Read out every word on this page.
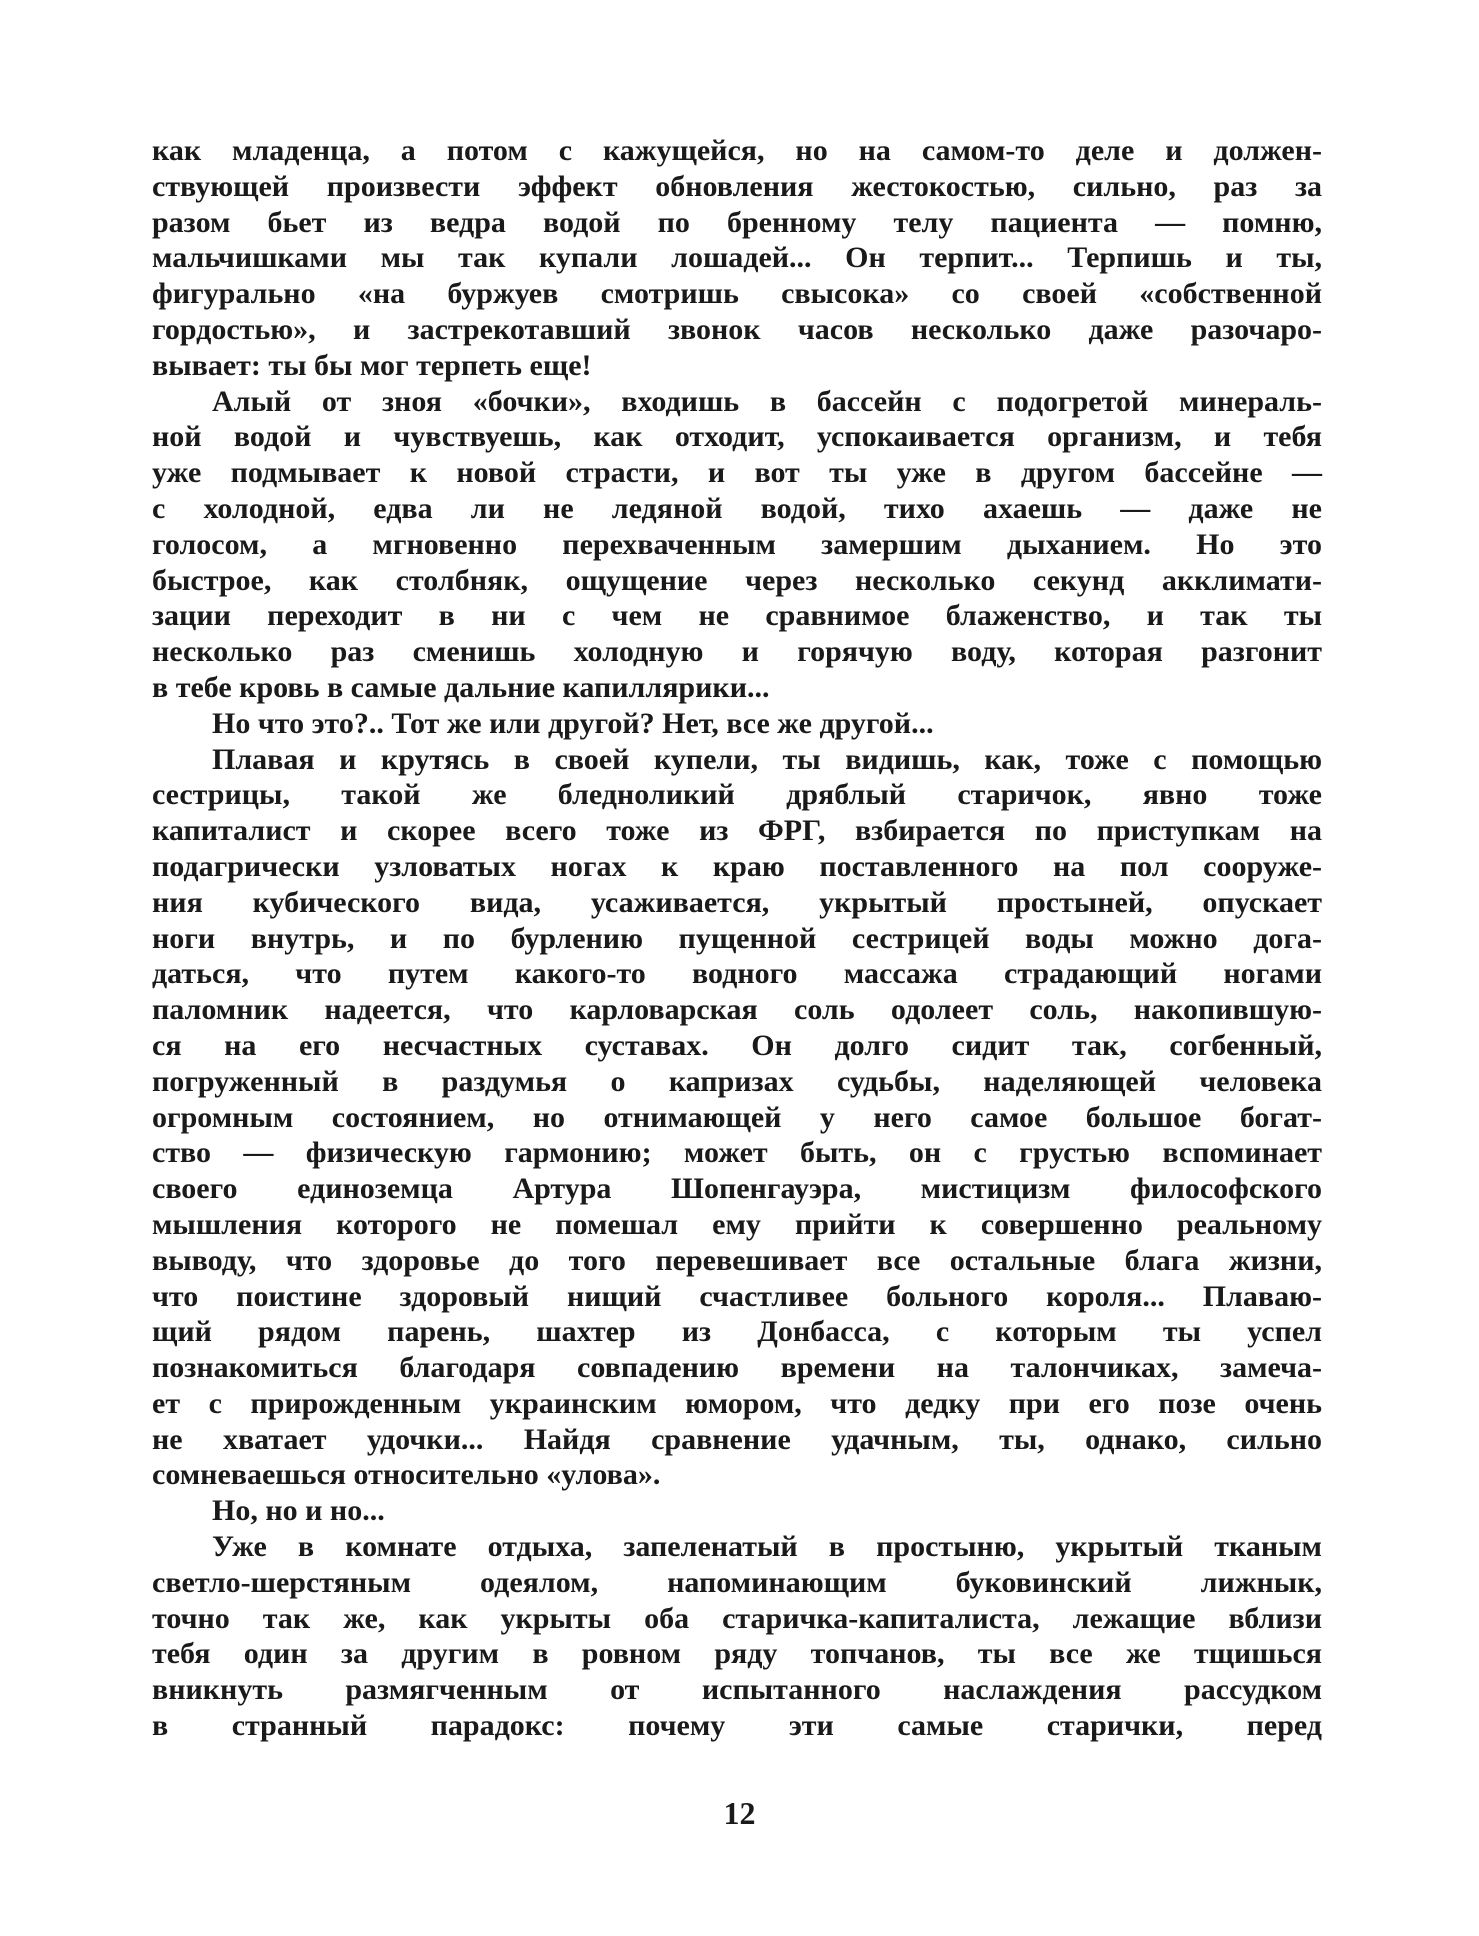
как младенца, а потом с кажущейся, но на самом-то деле и должен-
ствующей произвести эффект обновления жестокостью, сильно, раз за
разом бьет из ведра водой по бренному телу пациента — помню,
мальчишками мы так купали лошадей... Он терпит... Терпишь и ты,
фигурально «на буржуев смотришь свысока» со своей «собственной
гордостью», и застрекотавший звонок часов несколько даже разочаро-
вывает: ты бы мог терпеть еще!
Алый от зноя «бочки», входишь в бассейн с подогретой минераль-
ной водой и чувствуешь, как отходит, успокаивается организм, и тебя
уже подмывает к новой страсти, и вот ты уже в другом бассейне —
с холодной, едва ли не ледяной водой, тихо ахаешь — даже не
голосом, а мгновенно перехваченным замершим дыханием. Но это
быстрое, как столбняк, ощущение через несколько секунд акклимати-
зации переходит в ни с чем не сравнимое блаженство, и так ты
несколько раз сменишь холодную и горячую воду, которая разгонит
в тебе кровь в самые дальние капиллярики...
Но что это?.. Тот же или другой? Нет, все же другой...
Плавая и крутясь в своей купели, ты видишь, как, тоже с помощью
сестрицы, такой же бледноликий дряблый старичок, явно тоже
капиталист и скорее всего тоже из ФРГ, взбирается по приступкам на
подагрически узловатых ногах к краю поставленного на пол сооруже-
ния кубического вида, усаживается, укрытый простыней, опускает
ноги внутрь, и по бурлению пущенной сестрицей воды можно дога-
даться, что путем какого-то водного массажа страдающий ногами
паломник надеется, что карловарская соль одолеет соль, накопившую-
ся на его несчастных суставах. Он долго сидит так, согбенный,
погруженный в раздумья о капризах судьбы, наделяющей человека
огромным состоянием, но отнимающей у него самое большое богат-
ство — физическую гармонию; может быть, он с грустью вспоминает
своего единоземца Артура Шопенгауэра, мистицизм философского
мышления которого не помешал ему прийти к совершенно реальному
выводу, что здоровье до того перевешивает все остальные блага жизни,
что поистине здоровый нищий счастливее больного короля... Плаваю-
щий рядом парень, шахтер из Донбасса, с которым ты успел
познакомиться благодаря совпадению времени на талончиках, замеча-
ет с прирожденным украинским юмором, что дедку при его позе очень
не хватает удочки... Найдя сравнение удачным, ты, однако, сильно
сомневаешься относительно «улова».
Но, но и но...
Уже в комнате отдыха, запеленатый в простыню, укрытый тканым
светло-шерстяным одеялом, напоминающим буковинский лижнык,
точно так же, как укрыты оба старичка-капиталиста, лежащие вблизи
тебя один за другим в ровном ряду топчанов, ты все же тщишься
вникнуть размягченным от испытанного наслаждения рассудком
в странный парадокс: почему эти самые старички, перед
12
